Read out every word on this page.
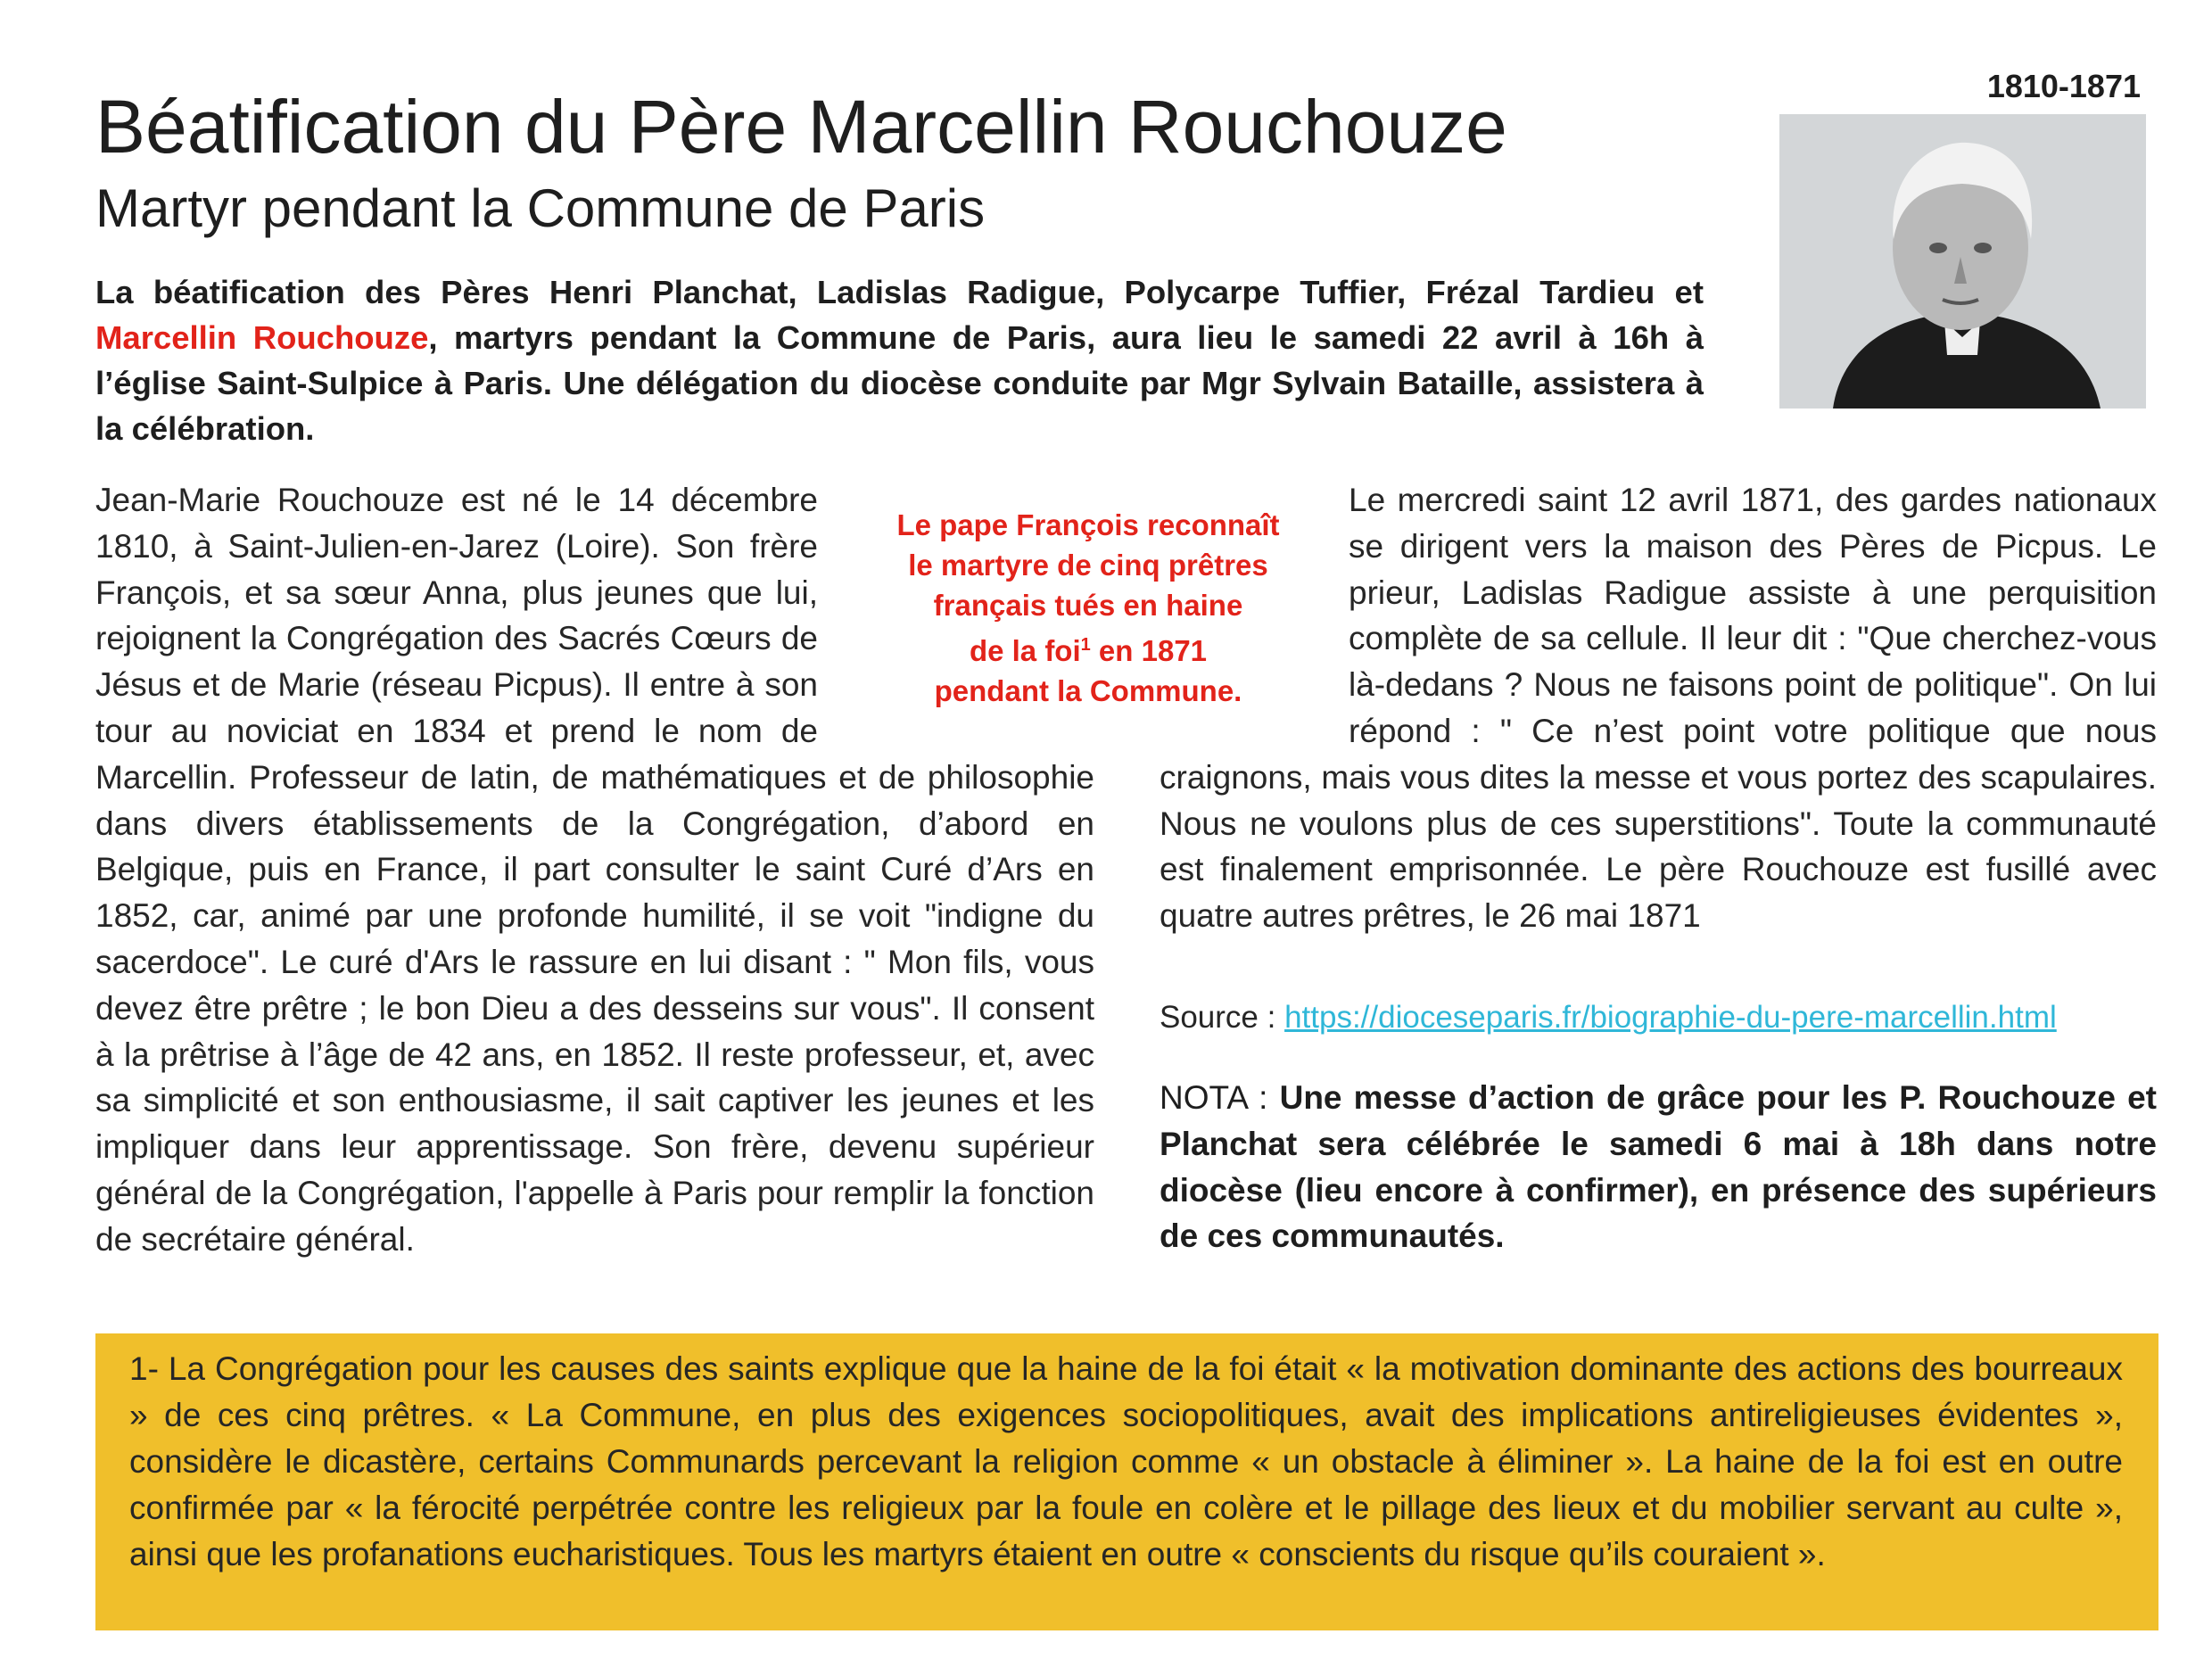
Béatification du Père Marcellin Rouchouze
Martyr pendant la Commune de Paris
1810-1871
La béatification des Pères Henri Planchat, Ladislas Radigue, Polycarpe Tuffier, Frézal Tardieu et Marcellin Rouchouze, martyrs pendant la Commune de Paris, aura lieu le samedi 22 avril à 16h à l’église Saint-Sulpice à Paris. Une délégation du diocèse conduite par Mgr Sylvain Bataille, assistera à la célébration.
Jean-Marie Rouchouze est né le 14 décembre 1810, à Saint-Julien-en-Jarez (Loire). Son frère François, et sa sœur Anna, plus jeunes que lui, rejoignent la Congrégation des Sacrés Cœurs de Jésus et de Marie (réseau Picpus). Il entre à son tour au noviciat en 1834 et prend le nom de Marcellin. Professeur de latin, de mathématiques et de philosophie dans divers établissements de la Congrégation, d’abord en Belgique, puis en France, il part consulter le saint Curé d’Ars en 1852, car, animé par une profonde humilité, il se voit "indigne du sacerdoce". Le curé d'Ars le rassure en lui disant : " Mon fils, vous devez être prêtre ; le bon Dieu a des desseins sur vous". Il consent à la prêtrise à l’âge de 42 ans, en 1852. Il reste professeur, et, avec sa simplicité et son enthousiasme, il sait captiver les jeunes et les impliquer dans leur apprentissage. Son frère, devenu supérieur général de la Congrégation, l'appelle à Paris pour remplir la fonction de secrétaire général.
Le pape François reconnaît
le martyre de cinq prêtres
français tués en haine
de la foi$^1$ en 1871
pendant la Commune.
Le mercredi saint 12 avril 1871, des gardes nationaux se dirigent vers la maison des Pères de Picpus. Le prieur, Ladislas Radigue assiste à une perquisition complète de sa cellule. Il leur dit : "Que cherchez-vous là-dedans ? Nous ne faisons point de politique". On lui répond : " Ce n’est point votre politique que nous craignons, mais vous dites la messe et vous portez des scapulaires. Nous ne voulons plus de ces superstitions". Toute la communauté est finalement emprisonnée. Le père Rouchouze est fusillé avec quatre autres prêtres, le 26 mai 1871
Source : https://dioceseparis.fr/biographie-du-pere-marcellin.html
NOTA : Une messe d’action de grâce pour les P. Rouchouze et Planchat sera célébrée le samedi 6 mai à 18h dans notre diocèse (lieu encore à confirmer), en présence des supérieurs de ces communautés.

1- La Congrégation pour les causes des saints explique que la haine de la foi était « la motivation dominante des actions des bourreaux » de ces cinq prêtres. « La Commune, en plus des exigences sociopolitiques, avait des implications antireligieuses évidentes », considère le dicastère, certains Communards percevant la religion comme « un obstacle à éliminer ». La haine de la foi est en outre confirmée par « la férocité perpétrée contre les religieux par la foule en colère et le pillage des lieux et du mobilier servant au culte », ainsi que les profanations eucharistiques. Tous les martyrs étaient en outre « conscients du risque qu’ils couraient ».
